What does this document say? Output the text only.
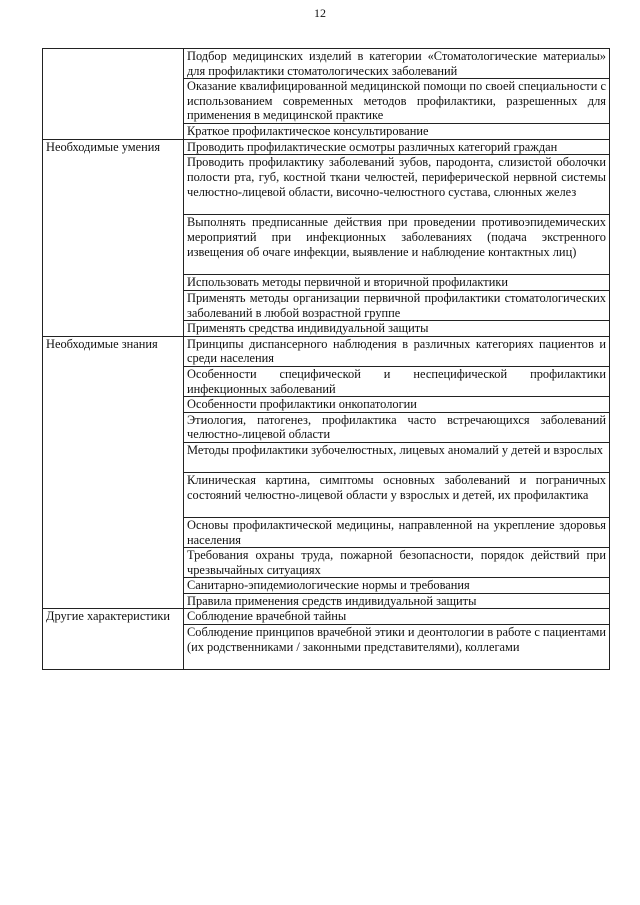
12
	Подбор медицинских изделий в категории «Стоматологические материалы» для профилактики стоматологических заболеваний
	Оказание квалифицированной медицинской помощи по своей специальности с использованием современных методов профилактики, разрешенных для применения в медицинской практике
	Краткое профилактическое консультирование
Необходимые умения	Проводить профилактические осмотры различных категорий граждан
	Проводить профилактику заболеваний зубов, пародонта, слизистой оболочки полости рта, губ, костной ткани челюстей, периферической нервной системы челюстно-лицевой области, височно-челюстного сустава, слюнных желез
	Выполнять предписанные действия при проведении противоэпидемических мероприятий при инфекционных заболеваниях (подача экстренного извещения об очаге инфекции, выявление и наблюдение контактных лиц)
	Использовать методы первичной и вторичной профилактики
	Применять методы организации первичной профилактики стоматологических заболеваний в любой возрастной группе
	Применять средства индивидуальной защиты
Необходимые знания	Принципы диспансерного наблюдения в различных категориях пациентов и среди населения
	Особенности специфической и неспецифической профилактики инфекционных заболеваний
	Особенности профилактики онкопатологии
	Этиология, патогенез, профилактика часто встречающихся заболеваний челюстно-лицевой области
	Методы профилактики зубочелюстных, лицевых аномалий у детей и взрослых
	Клиническая картина, симптомы основных заболеваний и пограничных состояний челюстно-лицевой области у взрослых и детей, их профилактика
	Основы профилактической медицины, направленной на укрепление здоровья населения
	Требования охраны труда, пожарной безопасности, порядок действий при чрезвычайных ситуациях
	Санитарно-эпидемиологические нормы и требования
	Правила применения средств индивидуальной защиты
Другие характеристики	Соблюдение врачебной тайны
	Соблюдение принципов врачебной этики и деонтологии в работе с пациентами (их родственниками / законными представителями), коллегами
